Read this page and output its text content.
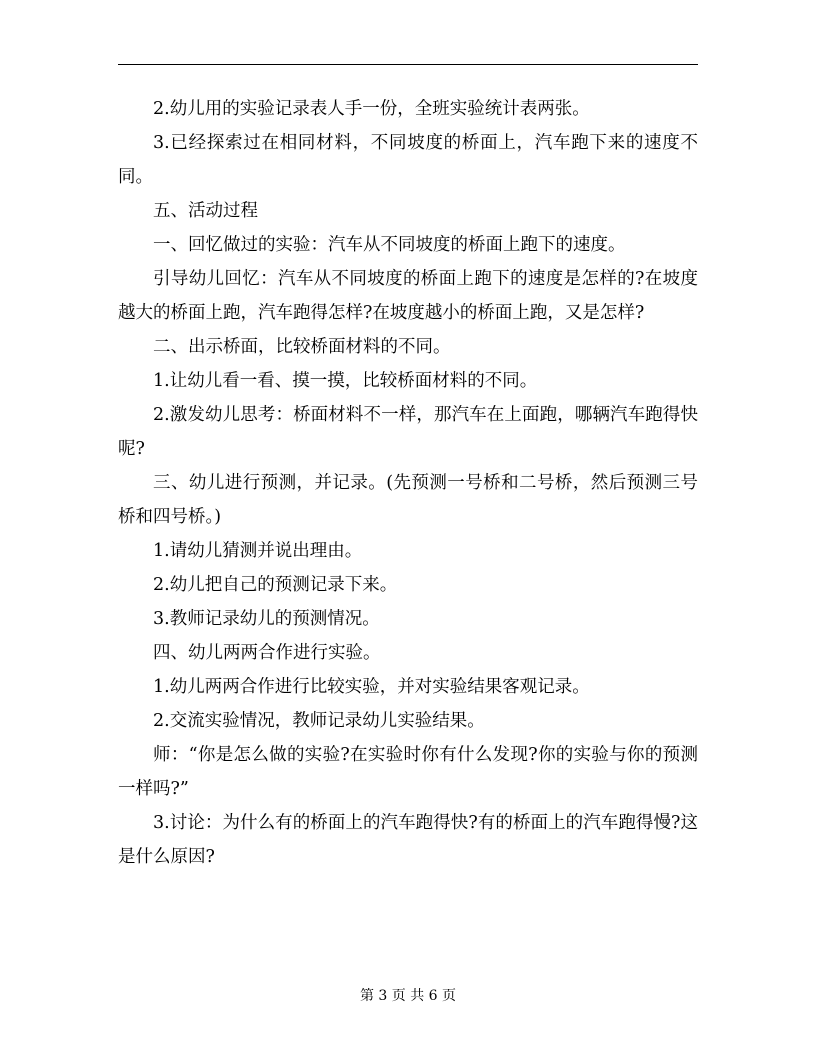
2.幼儿用的实验记录表人手一份，全班实验统计表两张。

3.已经探索过在相同材料，不同坡度的桥面上，汽车跑下来的速度不同。

五、活动过程

一、回忆做过的实验：汽车从不同坡度的桥面上跑下的速度。

引导幼儿回忆：汽车从不同坡度的桥面上跑下的速度是怎样的?在坡度越大的桥面上跑，汽车跑得怎样?在坡度越小的桥面上跑，又是怎样?

二、出示桥面，比较桥面材料的不同。

1.让幼儿看一看、摸一摸，比较桥面材料的不同。

2.激发幼儿思考：桥面材料不一样，那汽车在上面跑，哪辆汽车跑得快呢?

三、幼儿进行预测，并记录。(先预测一号桥和二号桥，然后预测三号桥和四号桥。)

1.请幼儿猜测并说出理由。

2.幼儿把自己的预测记录下来。

3.教师记录幼儿的预测情况。

四、幼儿两两合作进行实验。

1.幼儿两两合作进行比较实验，并对实验结果客观记录。

2.交流实验情况，教师记录幼儿实验结果。

师：“你是怎么做的实验?在实验时你有什么发现?你的实验与你的预测一样吗?”

3.讨论：为什么有的桥面上的汽车跑得快?有的桥面上的汽车跑得慢?这是什么原因?

第 3 页 共 6 页
